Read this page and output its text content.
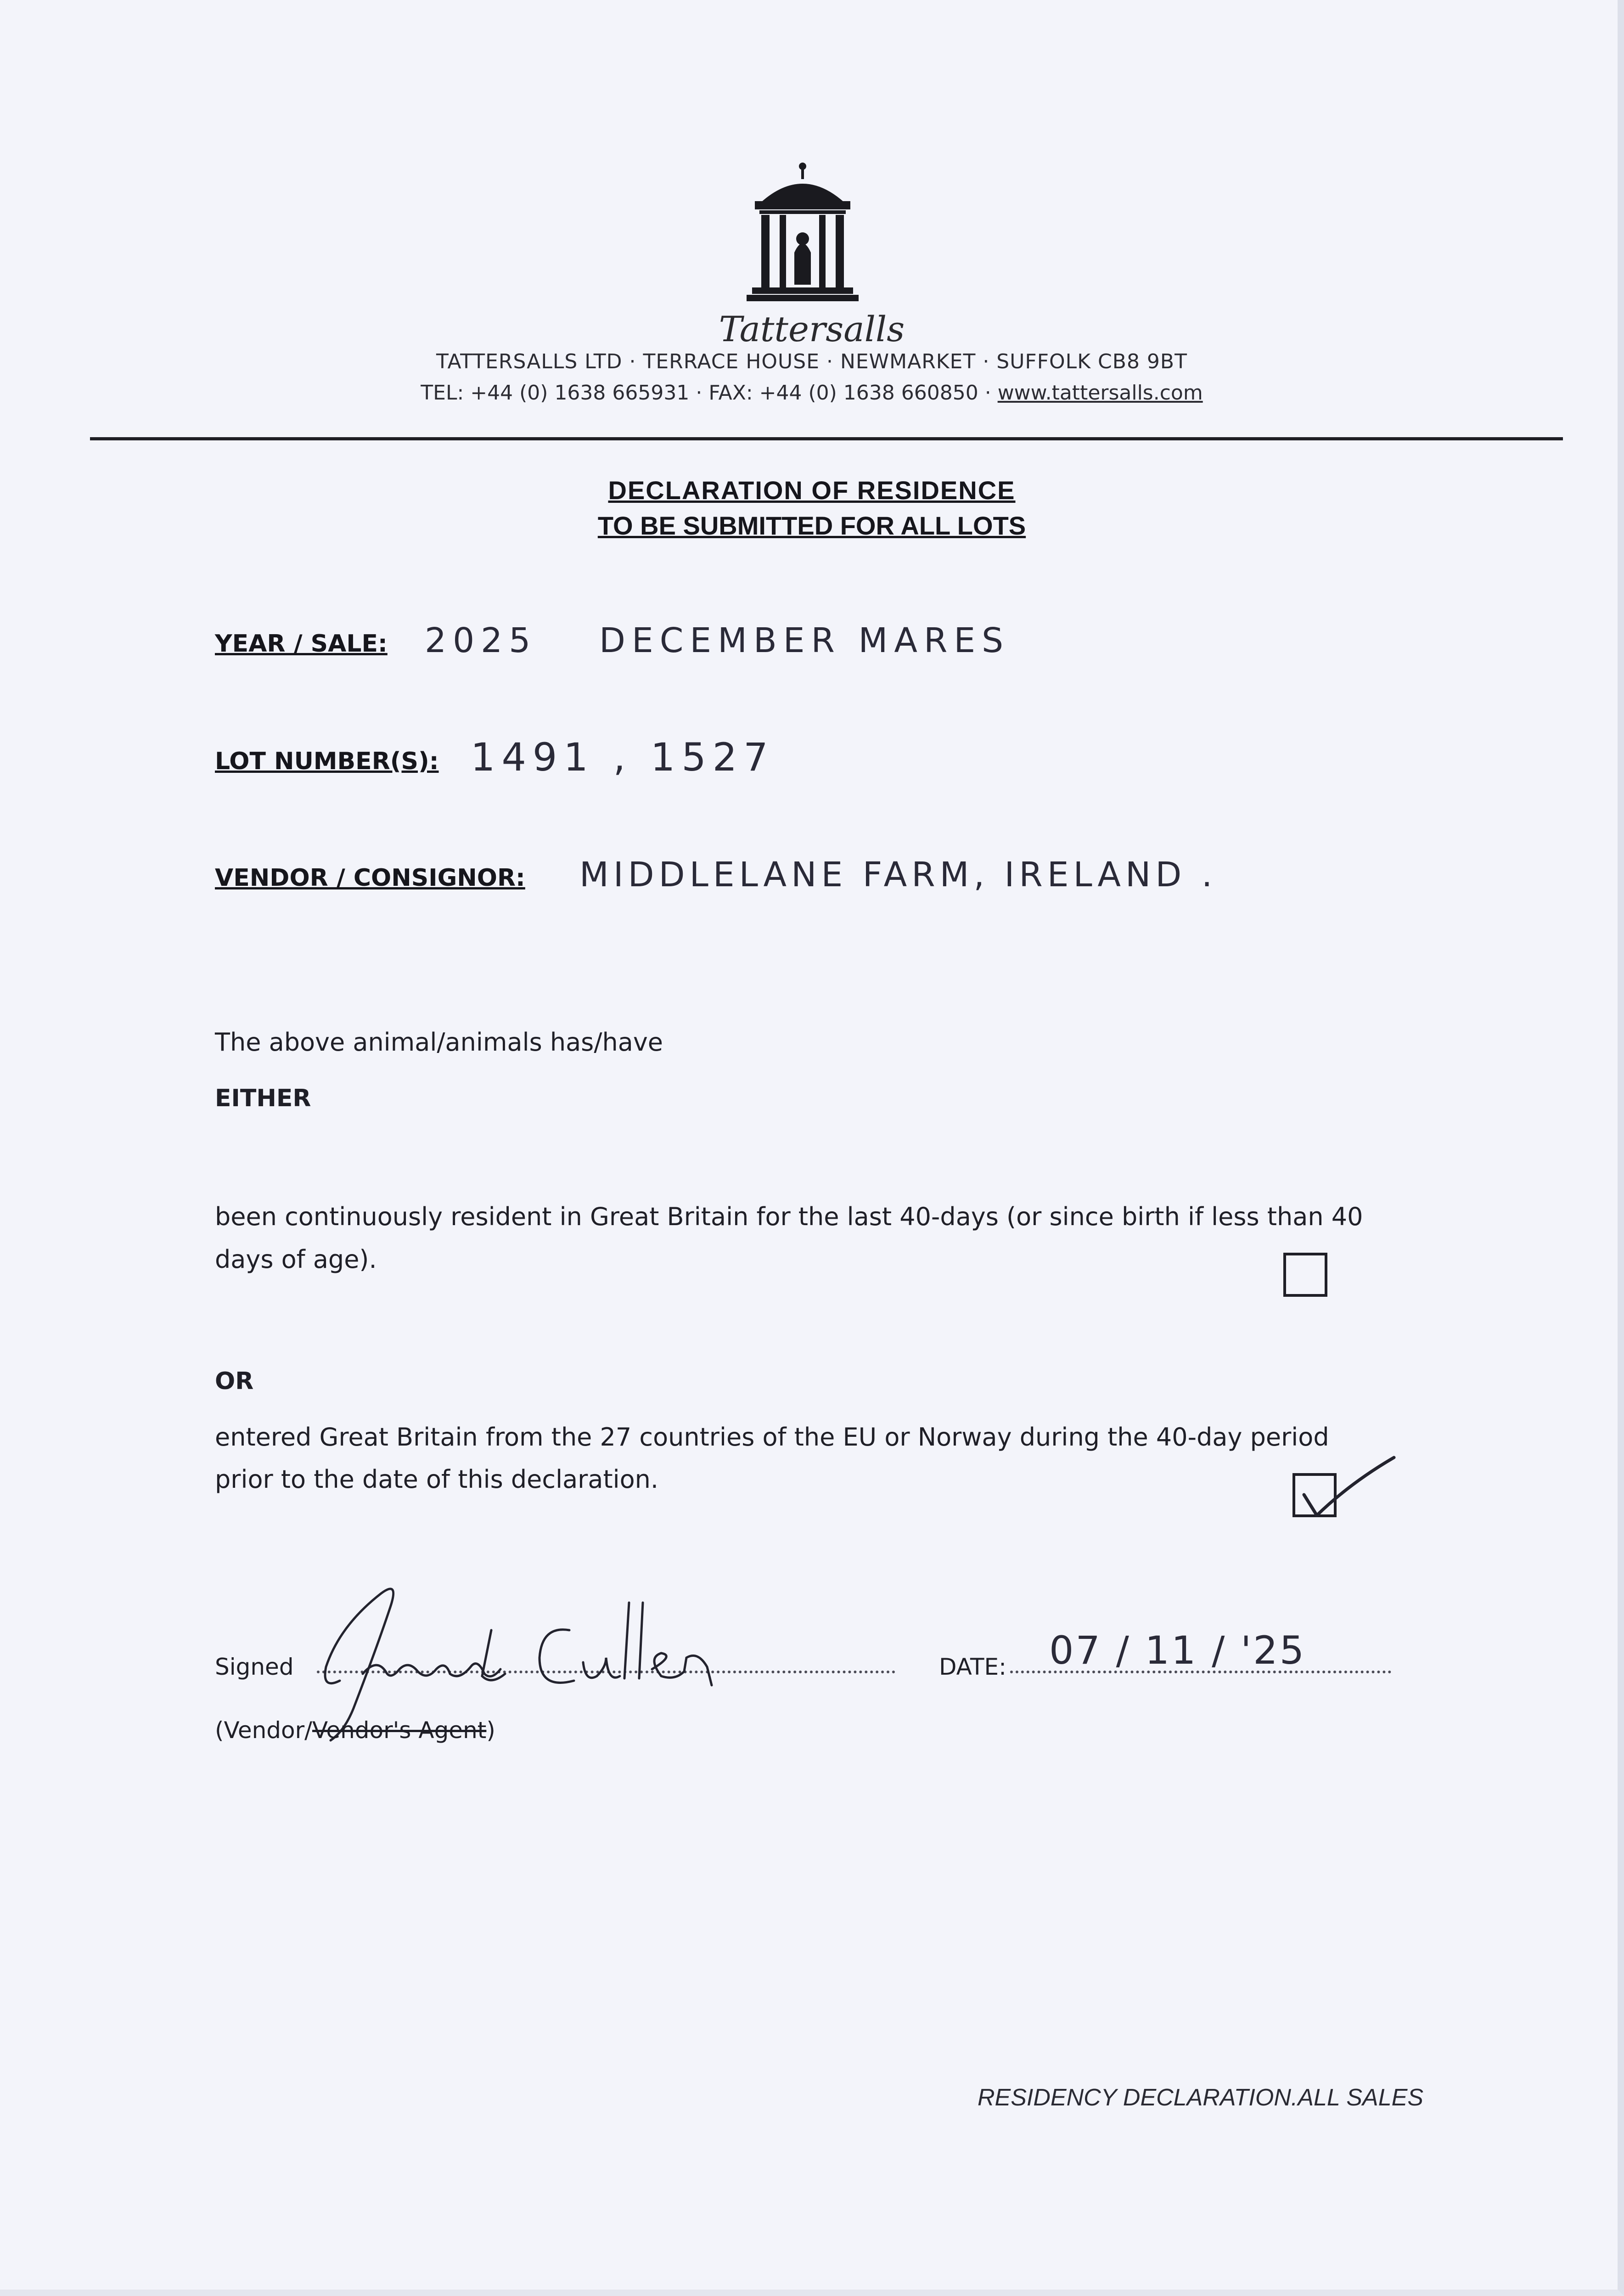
Tattersalls
TATTERSALLS LTD · TERRACE HOUSE · NEWMARKET · SUFFOLK CB8 9BT
TEL: +44 (0) 1638 665931 · FAX: +44 (0) 1638 660850 · www.tattersalls.com
DECLARATION OF RESIDENCE
TO BE SUBMITTED FOR ALL LOTS
YEAR / SALE: 2025 DECEMBER MARES
LOT NUMBER(S): 1491 , 1527
VENDOR / CONSIGNOR: MIDDLELANE FARM, IRELAND .
The above animal/animals has/have
EITHER
been continuously resident in Great Britain for the last 40-days (or since birth if less than 40
days of age).
OR
entered Great Britain from the 27 countries of the EU or Norway during the 40-day period
prior to the date of this declaration.
Signed	DATE: 07 / 11 / '25
(Vendor/Vendor's Agent)
RESIDENCY DECLARATION.ALL SALES
